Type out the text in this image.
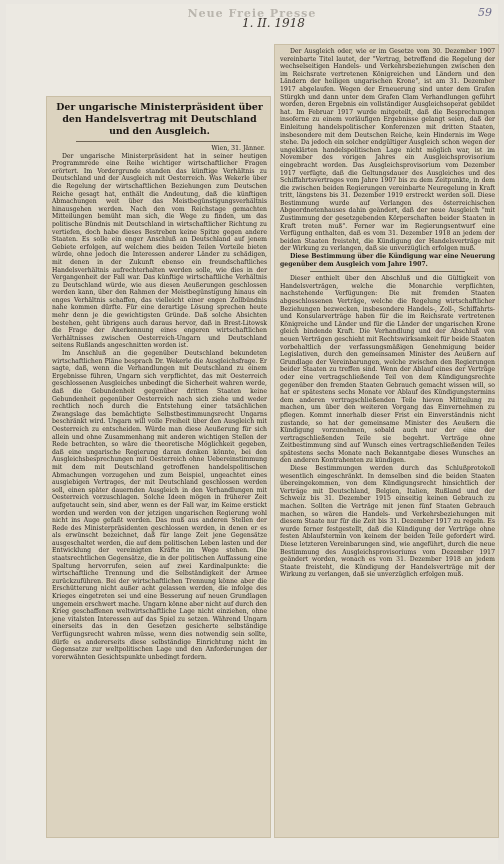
Neue Freie Presse
1. II. 1918
59
Der ungarische Ministerpräsident über den Handelsvertrag mit Deutschland und den Ausgleich.
Wien, 31. Jänner.

Der ungarische Ministerpräsident hat in seiner heutigen Programmrede eine Reihe wichtiger wirtschaftlicher Fragen erörtert. Im Vordergrunde standen das künftige Verhältnis zu Deutschland und der Ausgleich mit Oesterreich. Was Wekerle über die Regelung der wirtschaftlichen Beziehungen zum Deutschen Reiche gesagt hat, enthält die Andeutung, daß die künftigen Abmachungen weit über das Meistbegünstigungsverhältnis hinausgehen werden. Nach den vom Reichstage gemachten Mitteilungen bemüht man sich, die Wege zu finden, um das politische Bündnis mit Deutschland in wirtschaftlicher Richtung zu vertiefen, doch habe dieses Bestreben keine Spitze gegen andere Staaten. Es solle ein enger Anschluß an Deutschland auf jenem Gebiete erfolgen, auf welchem dies beiden Teilen Vorteile bieten würde, ohne jedoch die Interessen anderer Länder zu schädigen, mit denen in der Zukunft ebenso ein freundschaftliches Handelsverhältnis aufrechterhalten werden solle, wie dies in der Vergangenheit der Fall war. Das künftige wirtschaftliche Verhältnis zu Deutschland würde, wie aus diesen Aeußerungen geschlossen werden kann, über den Rahmen der Meistbegünstigung hinaus ein enges Verhältnis schaffen, das vielleicht einer engen Zollbündnis nahe kommen dürfte. Für eine derartige Lösung sprechen heute mehr denn je die gewichtigsten Gründe. Daß solche Absichten bestehen, geht übrigens auch daraus hervor, daß in Brest-Litowsk die Frage der Anerkennung eines engeren wirtschaftlichen Verhältnisses zwischen Oesterreich-Ungarn und Deutschland seitens Rußlands angeschnitten worden ist.

Im Anschluß an die gegenüber Deutschland bekundeten wirtschaftlichen Pläne besprach Dr. Wekerle die Ausgleichsfrage. Er sagte, daß, wenn die Verhandlungen mit Deutschland zu einem Ergebnisse führen, Ungarn sich verpflichtet, das mit Oesterreich geschlossenen Ausgleiches unbedingt die Sicherheit wahren werde, daß die Gebundenheit gegenüber dritten Staaten keine Gebundenheit gegenüber Oesterreich nach sich ziehe und weder rechtlich noch durch die Entstehung einer tatsächlichen Zwangslage das bemächtigte Selbstbestimmungsrecht Ungarns beschränkt wird. Ungarn will volle Freiheit über den Ausgleich mit Oesterreich zu entscheiden. Würde man diese Aeußerung für sich allein und ohne Zusammenhang mit anderen wichtigen Stellen der Rede betrachten, so wäre die theoretische Möglichkeit gegeben, daß eine ungarische Regierung daran denken könnte, bei den Ausgleichsbesprechungen mit Oesterreich ohne Uebereinstimmung mit dem mit Deutschland getroffenen handelspolitischen Abmachungen vorzugehen und zum Beispiel, ungeachtet eines ausgiebigen Vertrages, der mit Deutschland geschlossen werden soll, einen später dauernden Ausgleich in den Verhandlungen mit Oesterreich vorzuschlagen. Solche Ideen mögen in früherer Zeit aufgetaucht sein, sind aber, wenn es der Fall war, im Keime erstickt worden und werden von der jetzigen ungarischen Regierung wohl nicht ins Auge gefaßt werden. Das muß aus anderen Stellen der Rede des Ministerpräsidenten geschlossen werden, in denen er es als erwünscht bezeichnet, daß für lange Zeit jene Gegensätze ausgeschaltet werden, die auf dem politischen Leben lasten und der Entwicklung der vereinigten Kräfte im Wege stehen. Die staatsrechtlichen Gegensätze, die in der politischen Auffassung eine Spaltung hervorrufen, seien auf zwei Kardinalpunkte: die wirtschaftliche Trennung und die Selbständigkeit der Armee zurückzuführen. Bei der wirtschaftlichen Trennung könne aber die Erschütterung nicht außer acht gelassen werden, die infolge des Krieges eingetreten sei und eine Besserung auf neuen Grundlagen ungemein erschwert mache. Ungarn könne aber nicht auf durch den Krieg geschaffenen weltwirtschaftliche Lage nicht einziehen, ohne jene vitalsten Interessen auf das Spiel zu setzen. Während Ungarn einerseits das in den Gesetzen gesicherte selbständige Verfügungsrecht wahren müsse, wenn dies notwendig sein sollte, dürfe es andererseits diese selbständige Einrichtung nicht im Gegensatze zur weltpolitischen Lage und den Anforderungen der vorerwähnten Gesichtspunkte unbedingt fordern.

Der Ausgleich oder, wie er im Gesetze vom 30. Dezember 1907 vereinbarte Titel lautet, der "Vertrag, betreffend die Regelung der wechselseitigen Handels- und Verkehrsbeziehungen zwischen den im Reichsrate vertretenen Königreichen und Ländern und den Ländern der heiligen ungarischen Krone", ist am 31. Dezember 1917 abgelaufen. Wegen der Erneuerung sind unter dem Grafen Stürgkh und dann unter dem Grafen Clam Verhandlungen geführt worden, deren Ergebnis ein vollständiger Ausgleichsoperat gebildet hat. Im Februar 1917 wurde mitgeteilt, daß die Besprechungen insoferne zu einem vorläufigen Ergebnisse gelangt seien, daß der Einleitung handelspolitischer Konferenzen mit dritten Staaten, insbesondere mit dem Deutschen Reiche, kein Hindernis im Wege stehe. Da jedoch ein solcher endgültiger Ausgleich schon wegen der ungeklärten handelspolitischen Lage nicht möglich war, ist im November des vorigen Jahres ein Ausgleichsprovisorium eingebracht worden. Das Ausgleichsprovisorium vom Dezember 1917 verfügte, daß die Geltungsdauer des Ausgleiches und des Schiffahrtsvertrages vom Jahre 1907 bis zu dem Zeitpunkte, in dem die zwischen beiden Regierungen vereinbarte Neuregelung in Kraft tritt, längstens bis 31. Dezember 1919 erstreckt werden soll. Diese Bestimmung wurde auf Verlangen des österreichischen Abgeordnetenhauses dahin geändert, daß der neue Ausgleich "mit Zustimmung der gesetzgebenden Körperschaften beider Staaten in Kraft treten muß". Ferner war im Regierungsentwurf eine Verfügung enthalten, daß es vom 31. Dezember 1918 an jedem der beiden Staaten freisteht, die Kündigung der Handelsverträge mit der Wirkung zu verlangen, daß sie unverzüglich erfolgen muß.

Diese Bestimmung über die Kündigung war eine Neuerung gegenüber dem Ausgleich vom Jahre 1907.

Dieser enthielt über den Abschluß und die Gültigkeit von Handelsverträgen, welche die Monarchie verpflichten, nachstehende Verfügungen: Die mit fremden Staaten abgeschlossenen Verträge, welche die Regelung wirtschaftlicher Beziehungen bezwecken, insbesondere Handels-, Zoll-, Schiffahrts- und Konsularverträge haben für die im Reichsrate vertretenen Königreiche und Länder und für die Länder der ungarischen Krone gleich bindende Kraft. Die Verhandlung und der Abschluß von neuen Verträgen geschieht mit Rechtswirksamkeit für beide Staaten vorbehaltlich der verfassungsmäßigen Genehmigung beider Legislativen, durch den gemeinsamen Minister des Aeußern auf Grundlage der Vereinbarungen, welche zwischen den Regierungen beider Staaten zu treffen sind. Wenn der Ablauf eines der Verträge oder eine vertragschließende Teil von dem Kündigungsrechte gegenüber den fremden Staaten Gebrauch gemacht wissen will, so hat er spätestens sechs Monate vor Ablauf des Kündigungstermins dem anderen vertragschließenden Teile hievon Mitteilung zu machen, um über den weiteren Vorgang das Einvernehmen zu pflegen. Kommt innerhalb dieser Frist ein Einverständnis nicht zustande, so hat der gemeinsame Minister des Aeußern die Kündigung vorzunehmen, sobald auch nur der eine der vertragschließenden Teile sie begehrt. Verträge ohne Zeitbestimmung sind auf Wunsch eines vertragschließenden Teiles spätestens sechs Monate nach Bekanntgabe dieses Wunsches an den anderen Kontrahenten zu kündigen.

Diese Bestimmungen werden durch das Schlußprotokoll wesentlich eingeschränkt. In demselben sind die beiden Staaten übereingekommen, von dem Kündigungsrecht hinsichtlich der Verträge mit Deutschland, Belgien, Italien, Rußland und der Schweiz bis 31. Dezember 1915 einseitig keinen Gebrauch zu machen. Sollten die Verträge mit jenen fünf Staaten Gebrauch machen, so wären die Handels- und Verkehrsbeziehungen mit diesem Staate nur für die Zeit bis 31. Dezember 1917 zu regeln. Es wurde ferner festgestellt, daß die Kündigung der Verträge ohne festen Ablaufstermin von keinem der beiden Teile gefordert wird. Diese letzteren Vereinbarungen sind, wie angeführt, durch die neue Bestimmung des Ausgleichsprovisoriums vom Dezember 1917 geändert worden, wonach es vom 31. Dezember 1918 an jedem Staate freisteht, die Kündigung der Handelsverträge mit der Wirkung zu verlangen, daß sie unverzüglich erfolgen muß.
